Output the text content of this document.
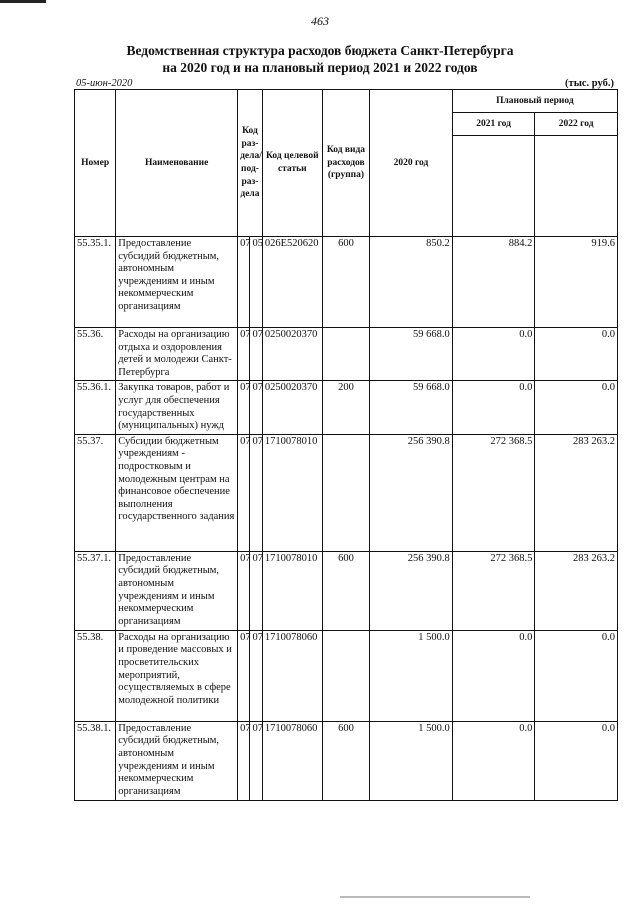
463
Ведомственная структура расходов бюджета Санкт-Петербурга
на 2020 год и на плановый период 2021 и 2022 годов
05-июн-2020	(тыс. руб.)
Номер	Наименование	Код раз-дела/ под-раз-дела		Код целевой статьи	Код вида расходов (группа)	2020 год	Плановый период	
							2021 год	2022 год

55.35.1.	Предоставление субсидий бюджетным, автономным учреждениям и иным некоммерческим организациям	07	05	026E520620	600	850.2	884.2	919.6
55.36.	Расходы на организацию отдыха и оздоровления детей и молодежи Санкт-Петербурга	07	07	0250020370		59 668.0	0.0	0.0
55.36.1.	Закупка товаров, работ и услуг для обеспечения государственных (муниципальных) нужд	07	07	0250020370	200	59 668.0	0.0	0.0
55.37.	Субсидии бюджетным учреждениям - подростковым и молодежным центрам на финансовое обеспечение выполнения государственного задания	07	07	1710078010		256 390.8	272 368.5	283 263.2
55.37.1.	Предоставление субсидий бюджетным, автономным учреждениям и иным некоммерческим организациям	07	07	1710078010	600	256 390.8	272 368.5	283 263.2
55.38.	Расходы на организацию и проведение массовых и просветительских мероприятий, осуществляемых в сфере молодежной политики	07	07	1710078060		1 500.0	0.0	0.0
55.38.1.	Предоставление субсидий бюджетным, автономным учреждениям и иным некоммерческим организациям	07	07	1710078060	600	1 500.0	0.0	0.0
